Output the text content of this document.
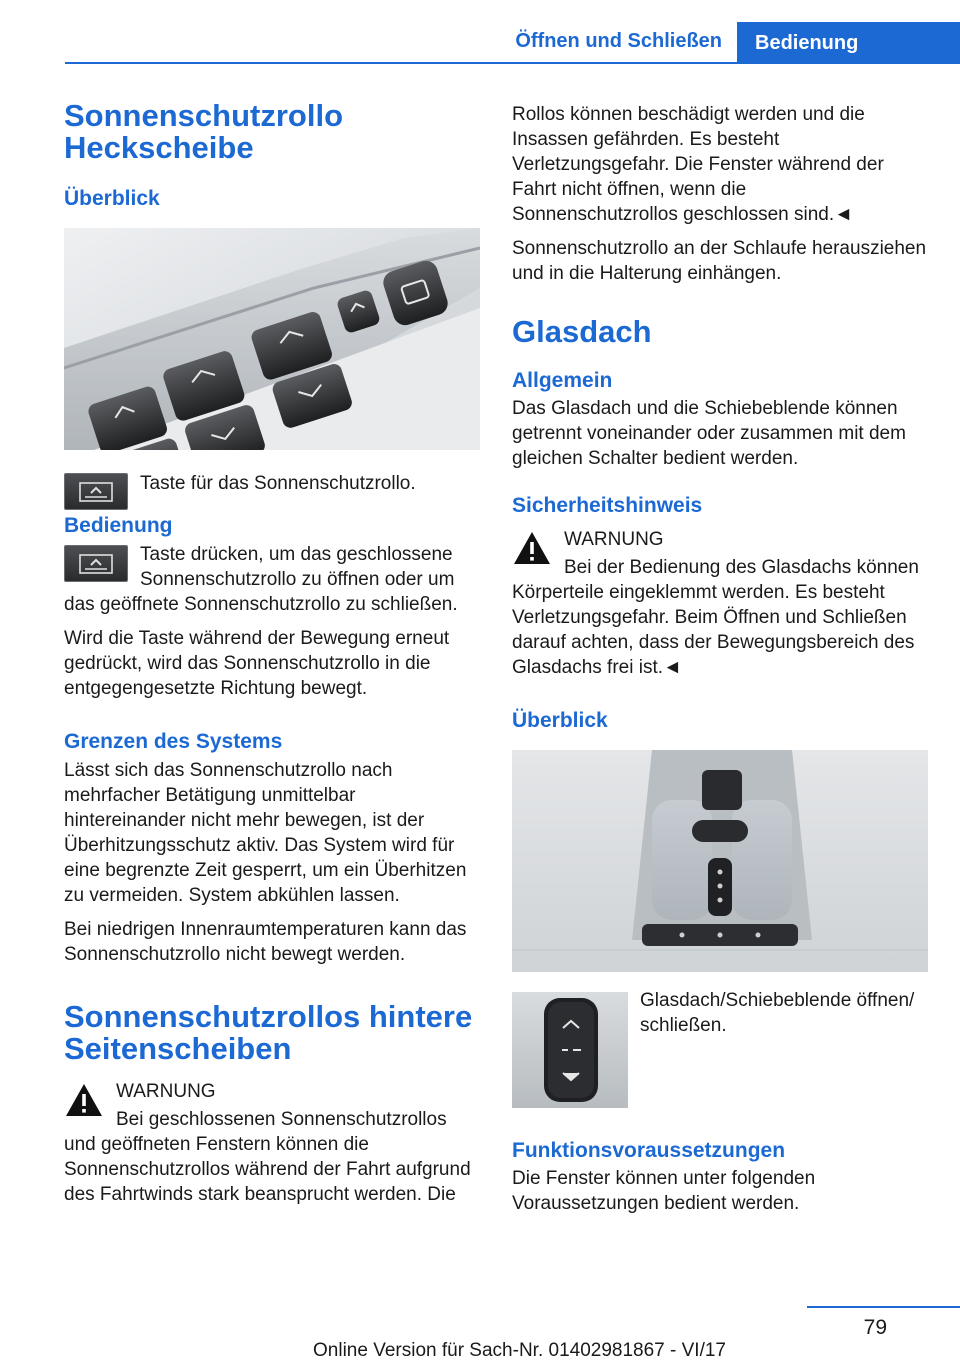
Öffnen und Schließen	Bedienung
Sonnenschutzrollo Heckscheibe
Überblick
Taste für das Sonnenschutzrollo.
Bedienung

Taste drücken, um das geschlossene Sonnenschutzrollo zu öffnen oder um das geöffnete Sonnenschutzrollo zu schließen.

Wird die Taste während der Bewegung erneut gedrückt, wird das Sonnenschutzrollo in die entgegengesetzte Richtung bewegt.

Grenzen des Systems

Lässt sich das Sonnenschutzrollo nach mehrfacher Betätigung unmittelbar hintereinander nicht mehr bewegen, ist der Überhitzungsschutz aktiv. Das System wird für eine begrenzte Zeit gesperrt, um ein Überhitzen zu vermeiden. System abkühlen lassen.

Bei niedrigen Innenraumtemperaturen kann das Sonnenschutzrollo nicht bewegt werden.

Sonnenschutzrollos hintere Seitenscheiben
WARNUNG

Bei geschlossenen Sonnenschutzrollos und geöffneten Fenstern können die Sonnenschutzrollos während der Fahrt aufgrund des Fahrtwinds stark beansprucht werden. Die

Rollos können beschädigt werden und die Insassen gefährden. Es besteht Verletzungsgefahr. Die Fenster während der Fahrt nicht öffnen, wenn die Sonnenschutzrollos geschlossen sind.◄

Sonnenschutzrollo an der Schlaufe herausziehen und in die Halterung einhängen.

Glasdach
Allgemein

Das Glasdach und die Schiebeblende können getrennt voneinander oder zusammen mit dem gleichen Schalter bedient werden.

Sicherheitshinweis
WARNUNG

Bei der Bedienung des Glasdachs können Körperteile eingeklemmt werden. Es besteht Verletzungsgefahr. Beim Öffnen und Schließen darauf achten, dass der Bewegungsbereich des Glasdachs frei ist.◄

Überblick
Glasdach/Schiebeblende öffnen/ schließen.
Funktionsvoraussetzungen

Die Fenster können unter folgenden Voraussetzungen bedient werden.

79
Online Version für Sach-Nr. 01402981867 - VI/17
